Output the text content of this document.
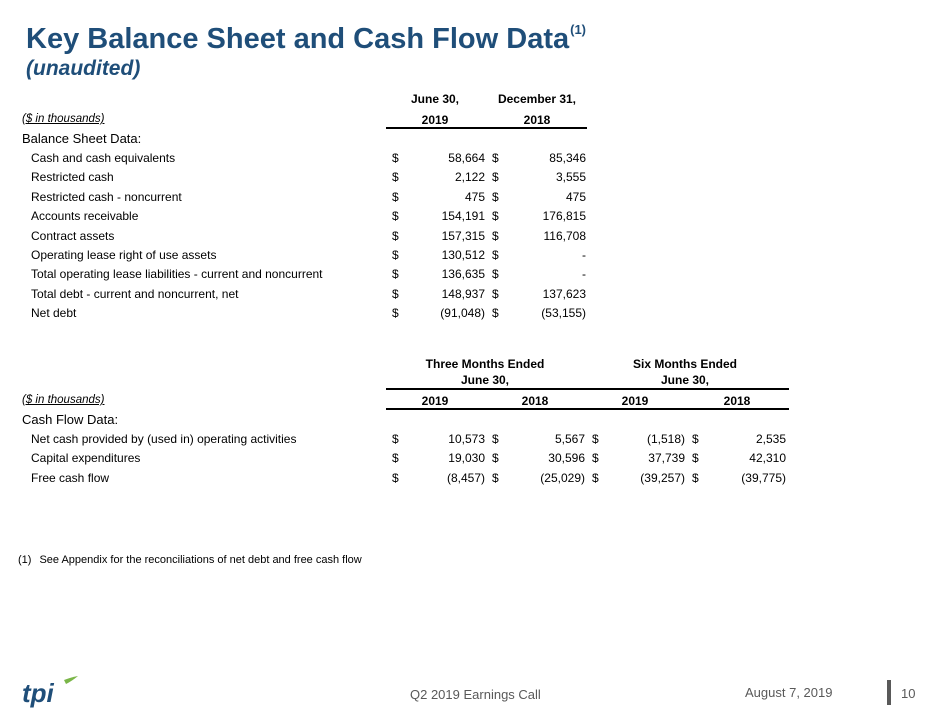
Key Balance Sheet and Cash Flow Data$^{(1)}$
(unaudited)
June 30,	December 31,
($ in thousands)	2019	2018
Balance Sheet Data:
Cash and cash equivalents	$	58,664 $	85,346
Restricted cash	$	2,122 $	3,555
Restricted cash - noncurrent	$	475 $	475
Accounts receivable	$	154,191 $	176,815
Contract assets	$	157,315 $	116,708
Operating lease right of use assets	$	130,512 $	-
Total operating lease liabilities - current and noncurrent	$	136,635 $	-
Total debt - current and noncurrent, net	$	148,937 $	137,623
Net debt	$	(91,048) $	(53,155)
Three Months Ended
June 30,
Six Months Ended
June 30,
($ in thousands)	2019	2018	2019	2018
Cash Flow Data:
Net cash provided by (used in) operating activities	$	10,573 $	5,567 $	(1,518) $	2,535
Capital expenditures	$	19,030 $	30,596 $	37,739 $	42,310
Free cash flow	$	(8,457) $	(25,029) $	(39,257) $	(39,775)
(1) See Appendix for the reconciliations of net debt and free cash flow
tpi	Q2 2019 Earnings Call	August 7, 2019	10
